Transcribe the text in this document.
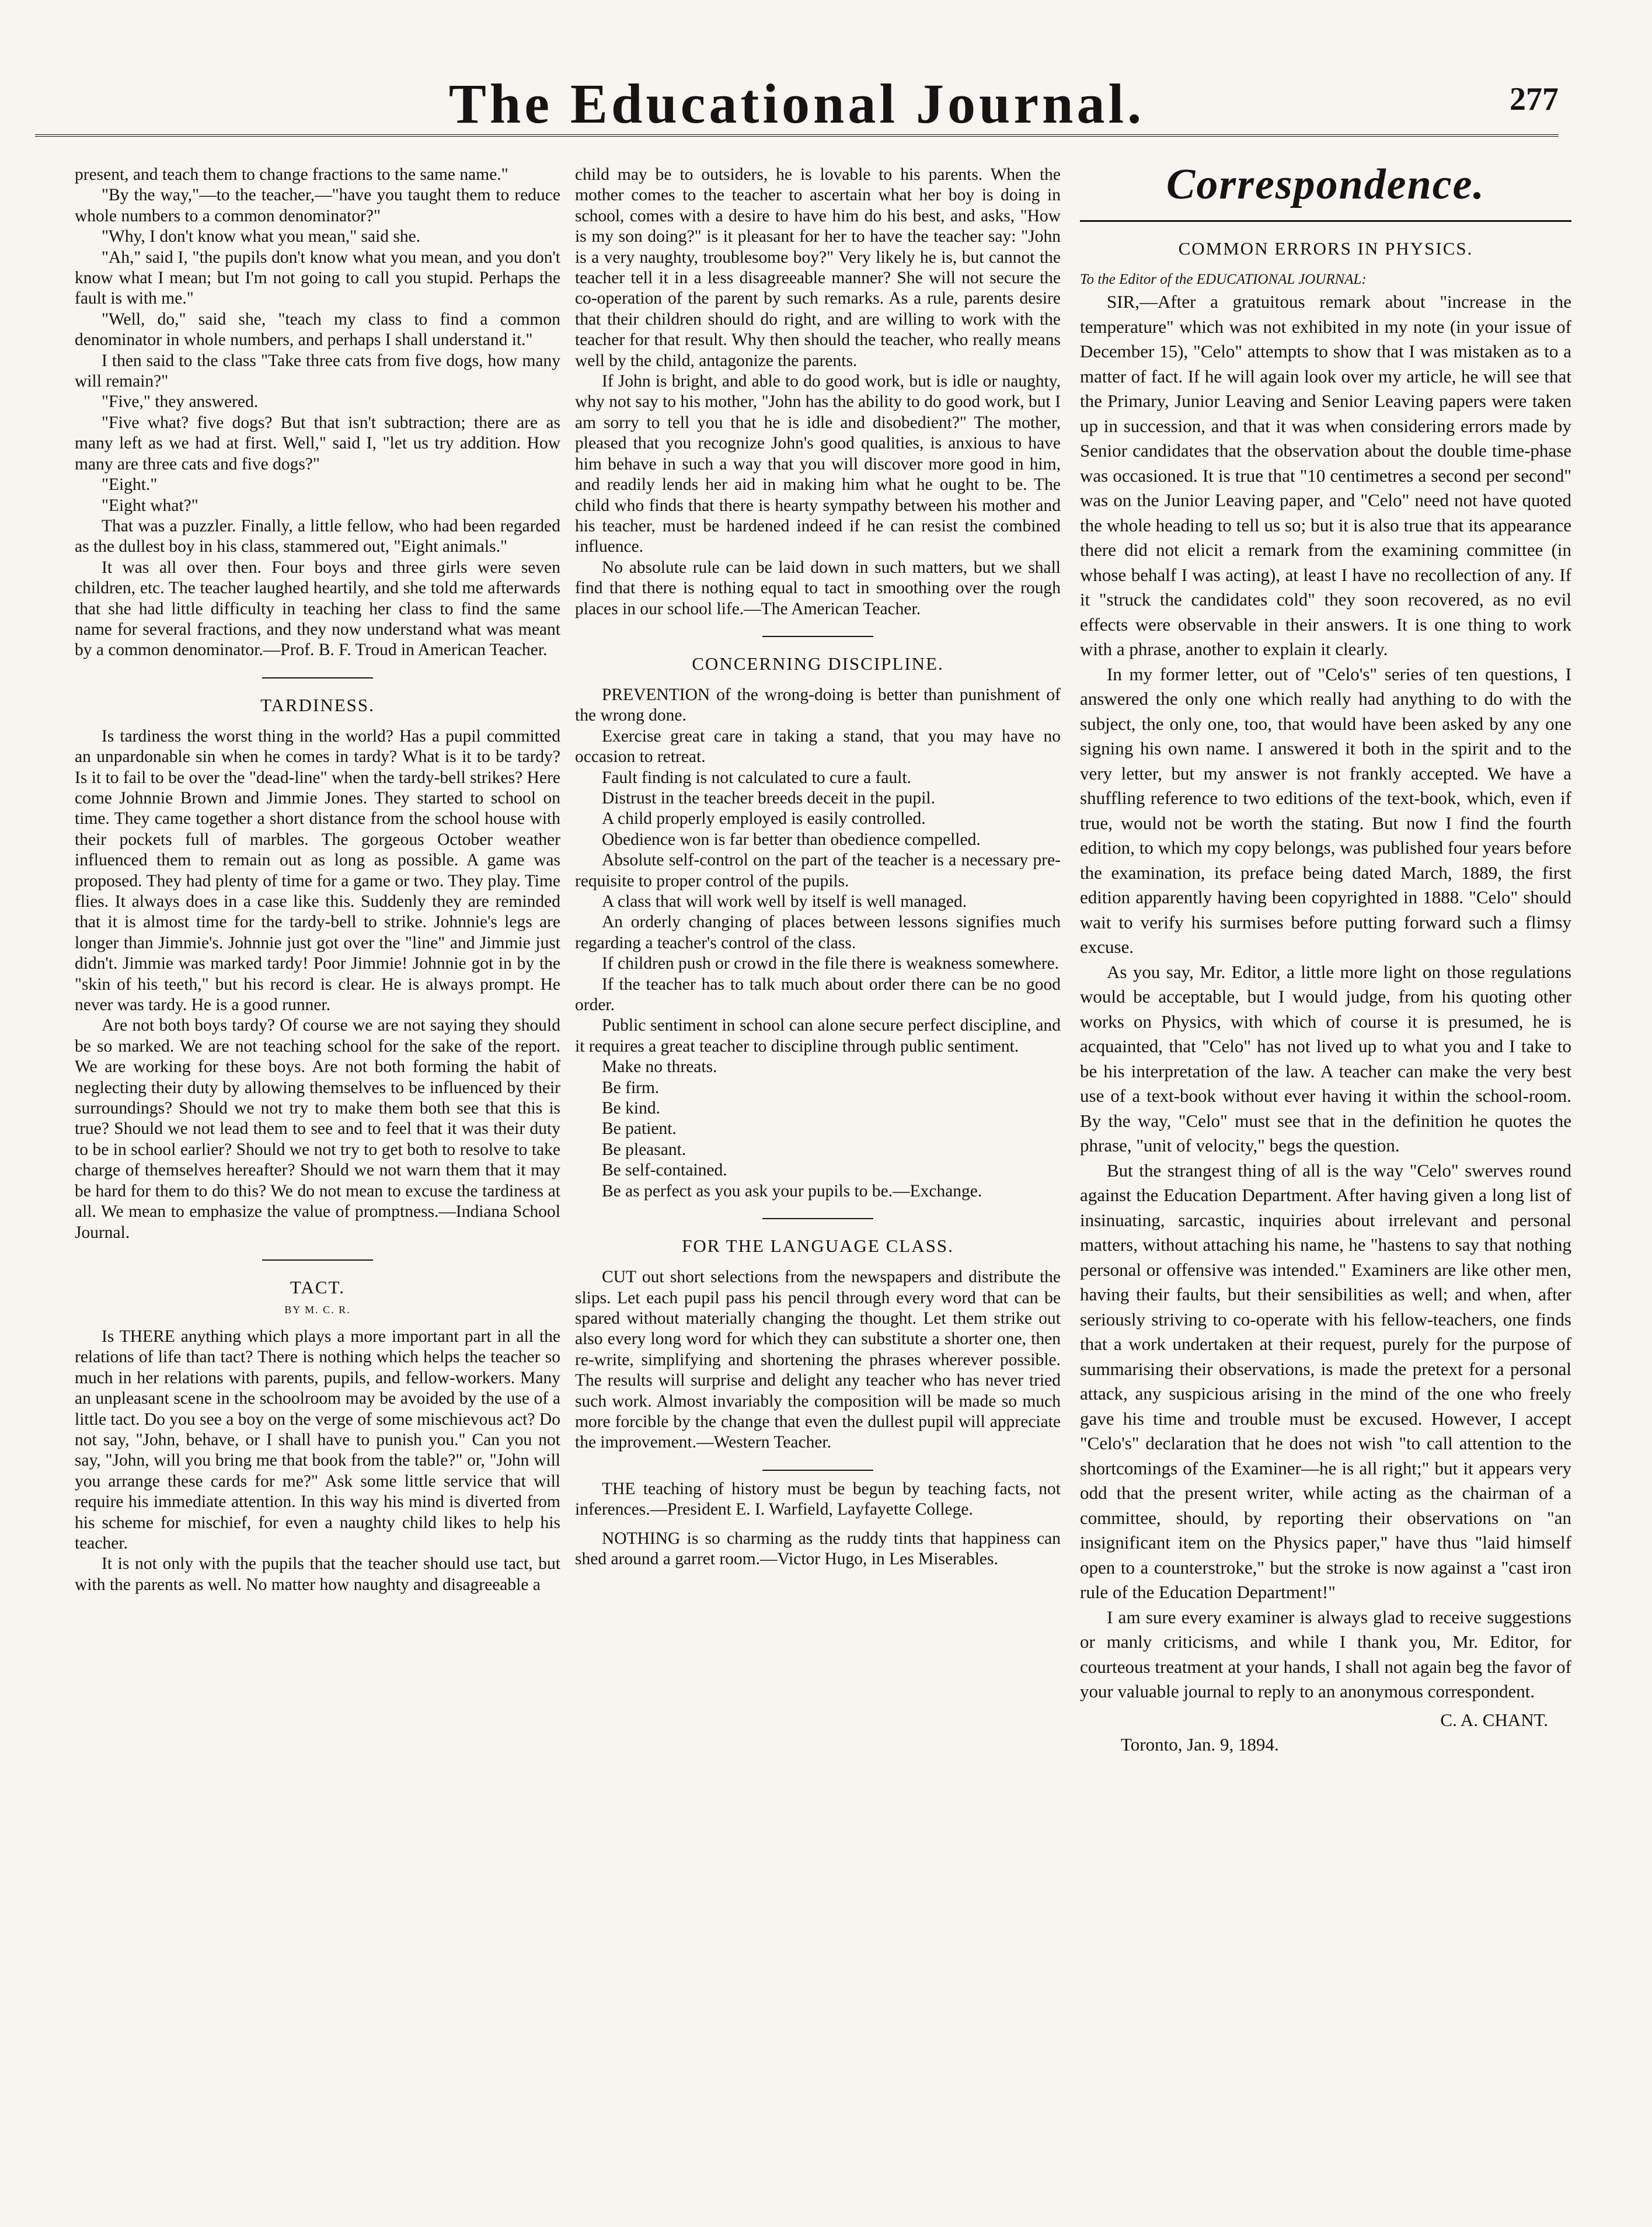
The Educational Journal.	277

present, and teach them to change fractions to the same name."

"By the way,"—to the teacher,—"have you taught them to reduce whole numbers to a common denominator?"

"Why, I don't know what you mean," said she.

"Ah," said I, "the pupils don't know what you mean, and you don't know what I mean; but I'm not going to call you stupid. Perhaps the fault is with me."

"Well, do," said she, "teach my class to find a common denominator in whole numbers, and perhaps I shall understand it."

I then said to the class "Take three cats from five dogs, how many will remain?"

"Five," they answered.

"Five what? five dogs? But that isn't subtraction; there are as many left as we had at first. Well," said I, "let us try addition. How many are three cats and five dogs?"

"Eight."

"Eight what?"

That was a puzzler. Finally, a little fellow, who had been regarded as the dullest boy in his class, stammered out, "Eight animals."

It was all over then. Four boys and three girls were seven children, etc. The teacher laughed heartily, and she told me afterwards that she had little difficulty in teaching her class to find the same name for several fractions, and they now understand what was meant by a common denominator.—Prof. B. F. Troud in American Teacher.

TARDINESS.

Is tardiness the worst thing in the world? Has a pupil committed an unpardonable sin when he comes in tardy? What is it to be tardy? Is it to fail to be over the "dead-line" when the tardy-bell strikes? Here come Johnnie Brown and Jimmie Jones. They started to school on time. They came together a short distance from the school house with their pockets full of marbles. The gorgeous October weather influenced them to remain out as long as possible. A game was proposed. They had plenty of time for a game or two. They play. Time flies. It always does in a case like this. Suddenly they are reminded that it is almost time for the tardy-bell to strike. Johnnie's legs are longer than Jimmie's. Johnnie just got over the "line" and Jimmie just didn't. Jimmie was marked tardy! Poor Jimmie! Johnnie got in by the "skin of his teeth," but his record is clear. He is always prompt. He never was tardy. He is a good runner.

Are not both boys tardy? Of course we are not saying they should be so marked. We are not teaching school for the sake of the report. We are working for these boys. Are not both forming the habit of neglecting their duty by allowing themselves to be influenced by their surroundings? Should we not try to make them both see that this is true? Should we not lead them to see and to feel that it was their duty to be in school earlier? Should we not try to get both to resolve to take charge of themselves hereafter? Should we not warn them that it may be hard for them to do this? We do not mean to excuse the tardiness at all. We mean to emphasize the value of promptness.—Indiana School Journal.

TACT.
BY M. C. R.

Is THERE anything which plays a more important part in all the relations of life than tact? There is nothing which helps the teacher so much in her relations with parents, pupils, and fellow-workers. Many an unpleasant scene in the schoolroom may be avoided by the use of a little tact. Do you see a boy on the verge of some mischievous act? Do not say, "John, behave, or I shall have to punish you." Can you not say, "John, will you bring me that book from the table?" or, "John will you arrange these cards for me?" Ask some little service that will require his immediate attention. In this way his mind is diverted from his scheme for mischief, for even a naughty child likes to help his teacher.

It is not only with the pupils that the teacher should use tact, but with the parents as well. No matter how naughty and disagreeable a

child may be to outsiders, he is lovable to his parents. When the mother comes to the teacher to ascertain what her boy is doing in school, comes with a desire to have him do his best, and asks, "How is my son doing?" is it pleasant for her to have the teacher say: "John is a very naughty, troublesome boy?" Very likely he is, but cannot the teacher tell it in a less disagreeable manner? She will not secure the co-operation of the parent by such remarks. As a rule, parents desire that their children should do right, and are willing to work with the teacher for that result. Why then should the teacher, who really means well by the child, antagonize the parents.

If John is bright, and able to do good work, but is idle or naughty, why not say to his mother, "John has the ability to do good work, but I am sorry to tell you that he is idle and disobedient?" The mother, pleased that you recognize John's good qualities, is anxious to have him behave in such a way that you will discover more good in him, and readily lends her aid in making him what he ought to be. The child who finds that there is hearty sympathy between his mother and his teacher, must be hardened indeed if he can resist the combined influence.

No absolute rule can be laid down in such matters, but we shall find that there is nothing equal to tact in smoothing over the rough places in our school life.—The American Teacher.

CONCERNING DISCIPLINE.

PREVENTION of the wrong-doing is better than punishment of the wrong done.

Exercise great care in taking a stand, that you may have no occasion to retreat.

Fault finding is not calculated to cure a fault.

Distrust in the teacher breeds deceit in the pupil.

A child properly employed is easily controlled.

Obedience won is far better than obedience compelled.

Absolute self-control on the part of the teacher is a necessary pre-requisite to proper control of the pupils.

A class that will work well by itself is well managed.

An orderly changing of places between lessons signifies much regarding a teacher's control of the class.

If children push or crowd in the file there is weakness somewhere.

If the teacher has to talk much about order there can be no good order.

Public sentiment in school can alone secure perfect discipline, and it requires a great teacher to discipline through public sentiment.

Make no threats.

Be firm.

Be kind.

Be patient.

Be pleasant.

Be self-contained.

Be as perfect as you ask your pupils to be.—Exchange.

FOR THE LANGUAGE CLASS.

CUT out short selections from the newspapers and distribute the slips. Let each pupil pass his pencil through every word that can be spared without materially changing the thought. Let them strike out also every long word for which they can substitute a shorter one, then re-write, simplifying and shortening the phrases wherever possible. The results will surprise and delight any teacher who has never tried such work. Almost invariably the composition will be made so much more forcible by the change that even the dullest pupil will appreciate the improvement.—Western Teacher.

THE teaching of history must be begun by teaching facts, not inferences.—President E. I. Warfield, Layfayette College.

NOTHING is so charming as the ruddy tints that happiness can shed around a garret room.—Victor Hugo, in Les Miserables.

Correspondence.
COMMON ERRORS IN PHYSICS.

To the Editor of the EDUCATIONAL JOURNAL:

SIR,—After a gratuitous remark about "increase in the temperature" which was not exhibited in my note (in your issue of December 15), "Celo" attempts to show that I was mistaken as to a matter of fact. If he will again look over my article, he will see that the Primary, Junior Leaving and Senior Leaving papers were taken up in succession, and that it was when considering errors made by Senior candidates that the observation about the double time-phase was occasioned. It is true that "10 centimetres a second per second" was on the Junior Leaving paper, and "Celo" need not have quoted the whole heading to tell us so; but it is also true that its appearance there did not elicit a remark from the examining committee (in whose behalf I was acting), at least I have no recollection of any. If it "struck the candidates cold" they soon recovered, as no evil effects were observable in their answers. It is one thing to work with a phrase, another to explain it clearly.

In my former letter, out of "Celo's" series of ten questions, I answered the only one which really had anything to do with the subject, the only one, too, that would have been asked by any one signing his own name. I answered it both in the spirit and to the very letter, but my answer is not frankly accepted. We have a shuffling reference to two editions of the text-book, which, even if true, would not be worth the stating. But now I find the fourth edition, to which my copy belongs, was published four years before the examination, its preface being dated March, 1889, the first edition apparently having been copyrighted in 1888. "Celo" should wait to verify his surmises before putting forward such a flimsy excuse.

As you say, Mr. Editor, a little more light on those regulations would be acceptable, but I would judge, from his quoting other works on Physics, with which of course it is presumed, he is acquainted, that "Celo" has not lived up to what you and I take to be his interpretation of the law. A teacher can make the very best use of a text-book without ever having it within the school-room. By the way, "Celo" must see that in the definition he quotes the phrase, "unit of velocity," begs the question.

But the strangest thing of all is the way "Celo" swerves round against the Education Department. After having given a long list of insinuating, sarcastic, inquiries about irrelevant and personal matters, without attaching his name, he "hastens to say that nothing personal or offensive was intended." Examiners are like other men, having their faults, but their sensibilities as well; and when, after seriously striving to co-operate with his fellow-teachers, one finds that a work undertaken at their request, purely for the purpose of summarising their observations, is made the pretext for a personal attack, any suspicious arising in the mind of the one who freely gave his time and trouble must be excused. However, I accept "Celo's" declaration that he does not wish "to call attention to the shortcomings of the Examiner—he is all right;" but it appears very odd that the present writer, while acting as the chairman of a committee, should, by reporting their observations on "an insignificant item on the Physics paper," have thus "laid himself open to a counterstroke," but the stroke is now against a "cast iron rule of the Education Department!"

I am sure every examiner is always glad to receive suggestions or manly criticisms, and while I thank you, Mr. Editor, for courteous treatment at your hands, I shall not again beg the favor of your valuable journal to reply to an anonymous correspondent.

C. A. CHANT.

Toronto, Jan. 9, 1894.
